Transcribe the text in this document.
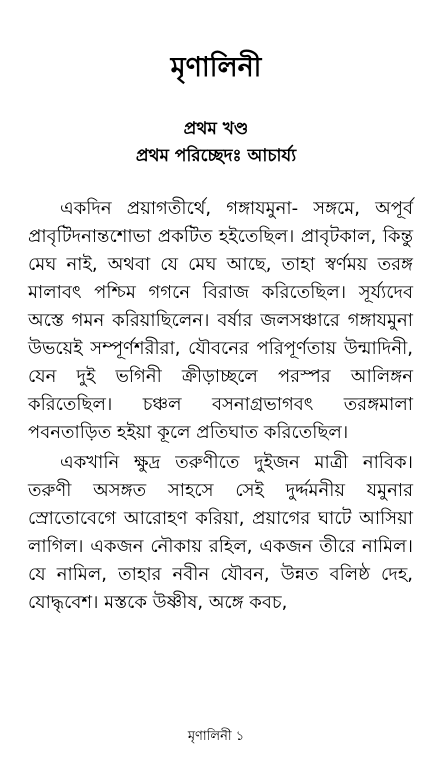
মৃণালিনী
প্রথম খণ্ড
প্রথম পরিচ্ছেদঃ আচার্য্য

একদিন প্রয়াগতীর্থে, গঙ্গাযমুনা- সঙ্গমে, অপূর্ব প্রাবৃটিদনান্তশোভা প্রকটিত হইতেছিল। প্রাবৃটকাল, কিন্তু মেঘ নাই, অথবা যে মেঘ আছে, তাহা স্বর্ণময় তরঙ্গ মালাবৎ পশ্চিম গগনে বিরাজ করিতেছিল। সূর্য্যদেব অস্তে গমন করিয়াছিলেন। বর্ষার জলসঞ্চারে গঙ্গাযমুনা উভয়েই সম্পূর্ণশরীরা, যৌবনের পরিপূর্ণতায় উন্মাদিনী, যেন দুই ভগিনী ক্রীড়াচ্ছলে পরস্পর আলিঙ্গন করিতেছিল। চঞ্চল বসনাগ্রভাগবৎ তরঙ্গমালা পবনতাড়িত হইয়া কূলে প্রতিঘাত করিতেছিল।

একখানি ক্ষুদ্র তরুণীতে দুইজন মাত্রী নাবিক। তরুণী অসঙ্গত সাহসে সেই দুর্দ্দমনীয় যমুনার স্রোতোবেগে আরোহণ করিয়া, প্রয়াগের ঘাটে আসিয়া লাগিল। একজন নৌকায় রহিল, একজন তীরে নামিল। যে নামিল, তাহার নবীন যৌবন, উন্নত বলিষ্ঠ দেহ, যোদ্ধৃবেশ। মস্তকে উষ্ণীষ, অঙ্গে কবচ,

মৃণালিনী ১
